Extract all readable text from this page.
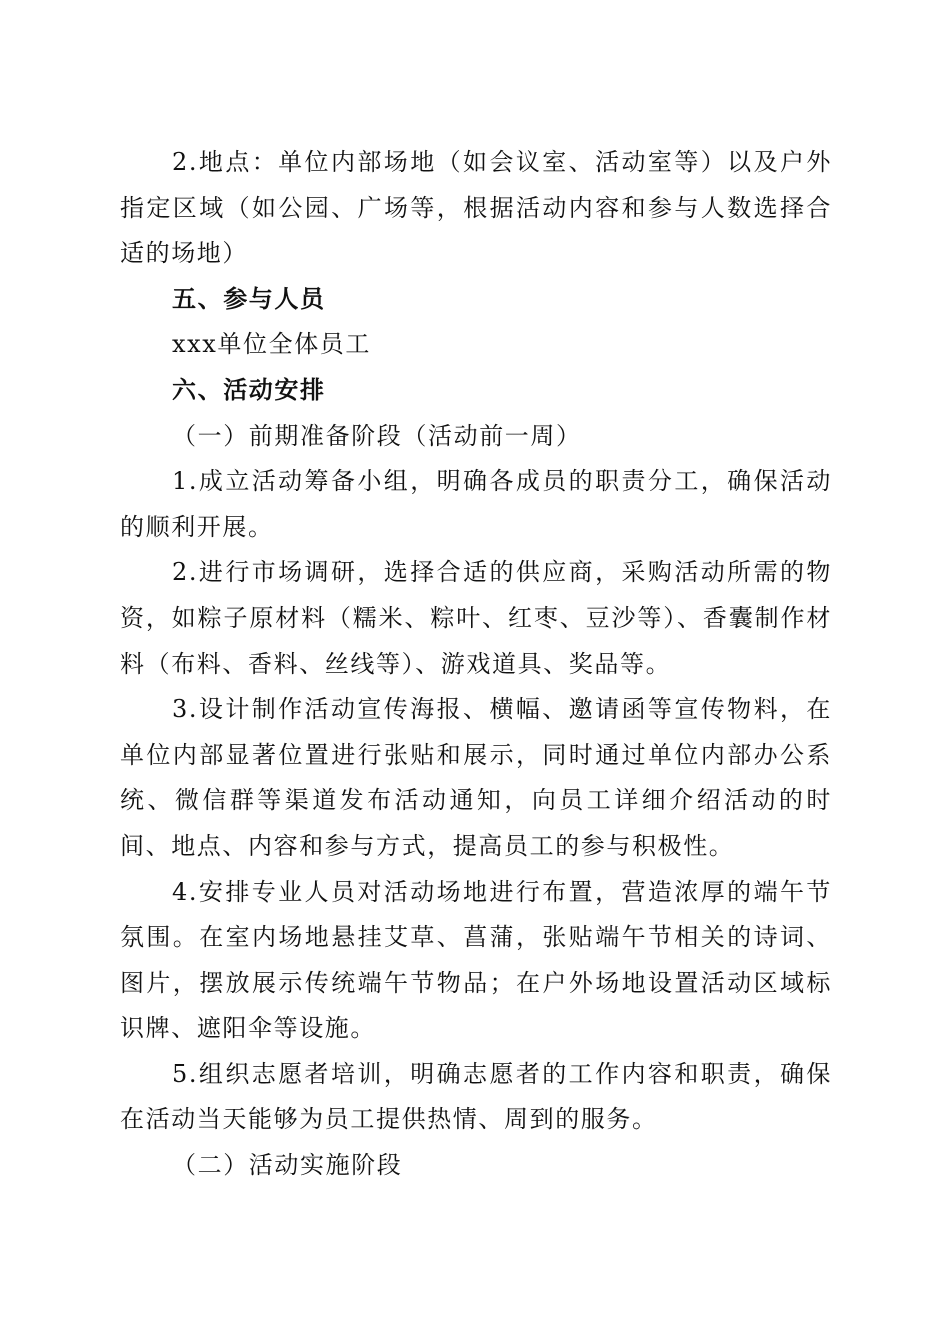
2.地点：单位内部场地（如会议室、活动室等）以及户外指定区域（如公园、广场等，根据活动内容和参与人数选择合适的场地）

五、参与人员

xxx单位全体员工

六、活动安排

（一）前期准备阶段（活动前一周）

1.成立活动筹备小组，明确各成员的职责分工，确保活动的顺利开展。

2.进行市场调研，选择合适的供应商，采购活动所需的物资，如粽子原材料（糯米、粽叶、红枣、豆沙等）、香囊制作材料（布料、香料、丝线等）、游戏道具、奖品等。

3.设计制作活动宣传海报、横幅、邀请函等宣传物料，在单位内部显著位置进行张贴和展示，同时通过单位内部办公系统、微信群等渠道发布活动通知，向员工详细介绍活动的时间、地点、内容和参与方式，提高员工的参与积极性。

4.安排专业人员对活动场地进行布置，营造浓厚的端午节氛围。在室内场地悬挂艾草、菖蒲，张贴端午节相关的诗词、图片，摆放展示传统端午节物品；在户外场地设置活动区域标识牌、遮阳伞等设施。

5.组织志愿者培训，明确志愿者的工作内容和职责，确保在活动当天能够为员工提供热情、周到的服务。

（二）活动实施阶段
